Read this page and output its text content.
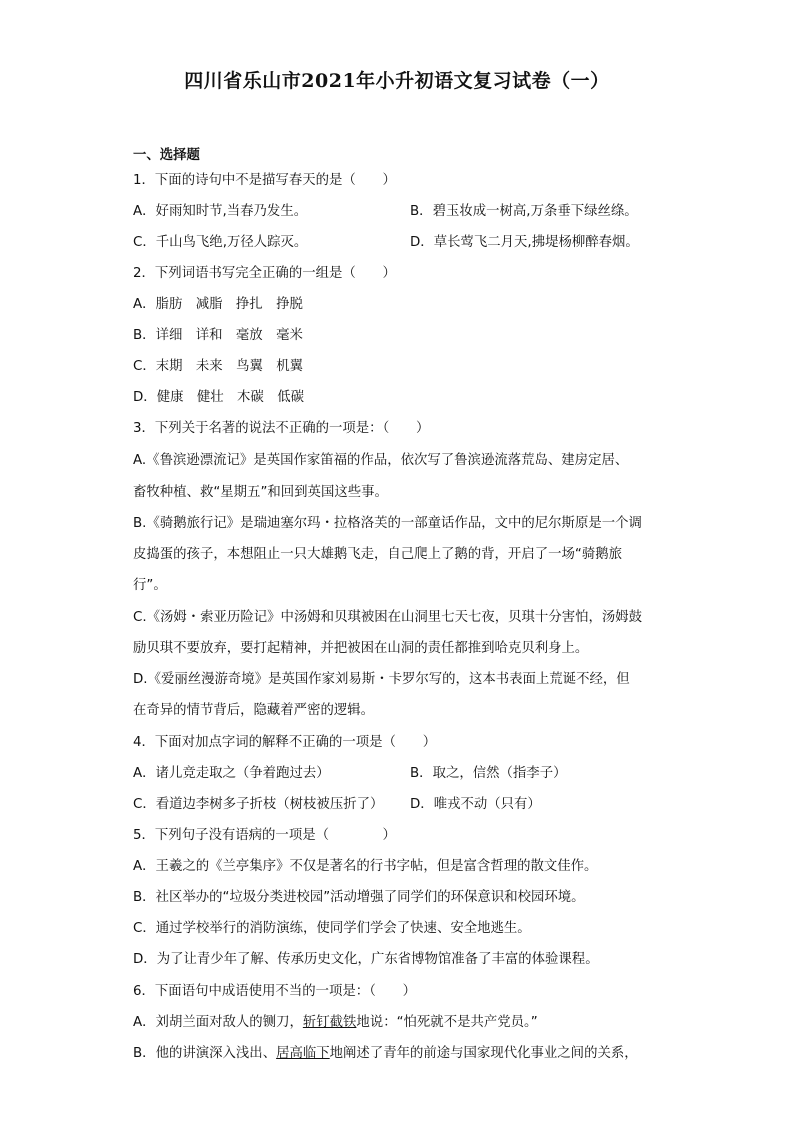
四川省乐山市2021年小升初语文复习试卷（一）
一、选择题
1．下面的诗句中不是描写春天的是（　　）
A．好雨知时节,当春乃发生。	B．碧玉妆成一树高,万条垂下绿丝绦。
C．千山鸟飞绝,万径人踪灭。	D．草长莺飞二月天,拂堤杨柳醉春烟。
2．下列词语书写完全正确的一组是（　　）
A．脂肪　减脂　挣扎　挣脱
B．详细　详和　毫放　毫米
C．末期　未来　鸟翼　机翼
D．健康　健壮　木碳　低碳
3．下列关于名著的说法不正确的一项是：（　　）
A.《鲁滨逊漂流记》是英国作家笛福的作品，依次写了鲁滨逊流落荒岛、建房定居、
畜牧种植、救“星期五”和回到英国这些事。
B.《骑鹅旅行记》是瑞迪塞尔玛・拉格洛芙的一部童话作品，文中的尼尔斯原是一个调
皮捣蛋的孩子，本想阻止一只大雄鹅飞走，自己爬上了鹅的背，开启了一场“骑鹅旅
行”。
C.《汤姆・索亚历险记》中汤姆和贝琪被困在山洞里七天七夜，贝琪十分害怕，汤姆鼓
励贝琪不要放弃，要打起精神，并把被困在山洞的责任都推到哈克贝利身上。
D.《爱丽丝漫游奇境》是英国作家刘易斯・卡罗尔写的，这本书表面上荒诞不经，但
在奇异的情节背后，隐藏着严密的逻辑。
4．下面对加点字词的解释不正确的一项是（　　）
A．诸儿竞走取之（争着跑过去）	B．取之，信然（指李子）
C．看道边李树多子折枝（树枝被压折了）	D．唯戎不动（只有）
5．下列句子没有语病的一项是（　　　　）
A．王羲之的《兰亭集序》不仅是著名的行书字帖，但是富含哲理的散文佳作。
B．社区举办的“垃圾分类进校园”活动增强了同学们的环保意识和校园环境。
C．通过学校举行的消防演练，使同学们学会了快速、安全地逃生。
D．为了让青少年了解、传承历史文化，广东省博物馆准备了丰富的体验课程。
6．下面语句中成语使用不当的一项是：（　　）
A．刘胡兰面对敌人的铡刀，斩钉截铁地说：“怕死就不是共产党员。”
B．他的讲演深入浅出、居高临下地阐述了青年的前途与国家现代化事业之间的关系，
